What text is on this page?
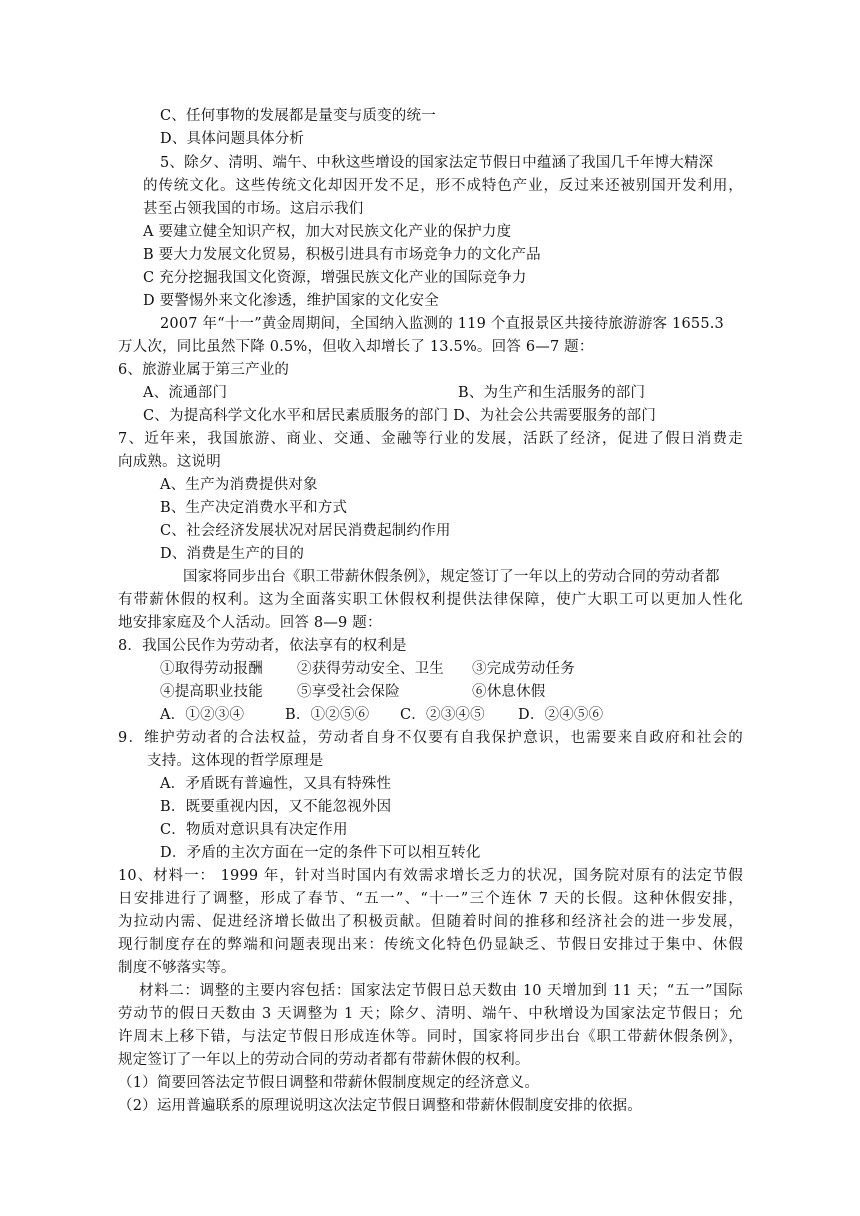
C、任何事物的发展都是量变与质变的统一
D、具体问题具体分析
5、除夕、清明、端午、中秋这些增设的国家法定节假日中蕴涵了我国几千年博大精深
的传统文化。这些传统文化却因开发不足，形不成特色产业，反过来还被别国开发利用，
甚至占领我国的市场。这启示我们
A 要建立健全知识产权，加大对民族文化产业的保护力度
B 要大力发展文化贸易，积极引进具有市场竞争力的文化产品
C 充分挖掘我国文化资源，增强民族文化产业的国际竞争力
D 要警惕外来文化渗透，维护国家的文化安全
2007 年“十一”黄金周期间，全国纳入监测的 119 个直报景区共接待旅游游客 1655.3
万人次，同比虽然下降 0.5%，但收入却增长了 13.5%。回答 6—7 题：
6、旅游业属于第三产业的
A、流通部门	B、为生产和生活服务的部门
C、为提高科学文化水平和居民素质服务的部门 D、为社会公共需要服务的部门
7、近年来，我国旅游、商业、交通、金融等行业的发展，活跃了经济，促进了假日消费走
向成熟。这说明
A、生产为消费提供对象
B、生产决定消费水平和方式
C、社会经济发展状况对居民消费起制约作用
D、消费是生产的目的
国家将同步出台《职工带薪休假条例》，规定签订了一年以上的劳动合同的劳动者都
有带薪休假的权利。这为全面落实职工休假权利提供法律保障，使广大职工可以更加人性化
地安排家庭及个人活动。回答 8—9 题：
8．我国公民作为劳动者，依法享有的权利是
①取得劳动报酬 ②获得劳动安全、卫生 ③完成劳动任务
④提高职业技能 ⑤享受社会保险	⑥休息休假
A．①②③④	B．①②⑤⑥ C．②③④⑤ D．②④⑤⑥
9．维护劳动者的合法权益，劳动者自身不仅要有自我保护意识，也需要来自政府和社会的
支持。这体现的哲学原理是
A．矛盾既有普遍性，又具有特殊性
B．既要重视内因，又不能忽视外因
C．物质对意识具有决定作用
D．矛盾的主次方面在一定的条件下可以相互转化
10、材料一： 1999 年，针对当时国内有效需求增长乏力的状况，国务院对原有的法定节假
日安排进行了调整，形成了春节、“五一”、“十一”三个连休 7 天的长假。这种休假安排，
为拉动内需、促进经济增长做出了积极贡献。但随着时间的推移和经济社会的进一步发展，
现行制度存在的弊端和问题表现出来：传统文化特色仍显缺乏、节假日安排过于集中、休假
制度不够落实等。
材料二：调整的主要内容包括：国家法定节假日总天数由 10 天增加到 11 天；“五一”国际
劳动节的假日天数由 3 天调整为 1 天；除夕、清明、端午、中秋增设为国家法定节假日；允
许周末上移下错，与法定节假日形成连休等。同时，国家将同步出台《职工带薪休假条例》，
规定签订了一年以上的劳动合同的劳动者都有带薪休假的权利。
（1）简要回答法定节假日调整和带薪休假制度规定的经济意义。
（2）运用普遍联系的原理说明这次法定节假日调整和带薪休假制度安排的依据。
